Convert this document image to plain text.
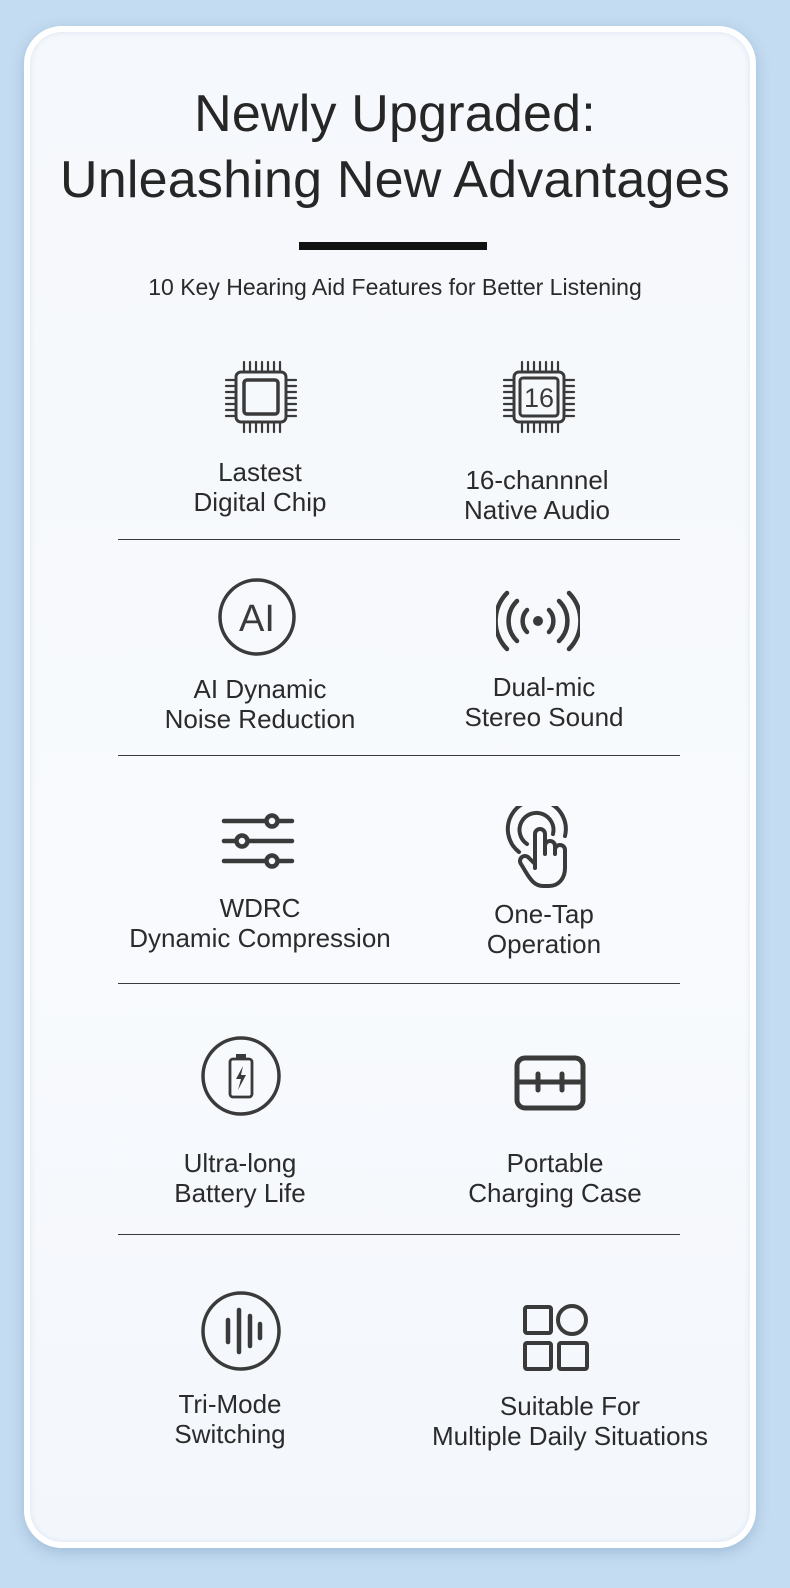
Newly Upgraded:
Unleashing New Advantages
10 Key Hearing Aid Features for Better Listening
Lastest
Digital Chip
16
16-channnel
Native Audio
AI
AI Dynamic
Noise Reduction
Dual-mic
Stereo Sound
WDRC
Dynamic Compression
One-Tap
Operation
Ultra-long
Battery Life
Portable
Charging Case
Tri-Mode
Switching
Suitable For
Multiple Daily Situations
